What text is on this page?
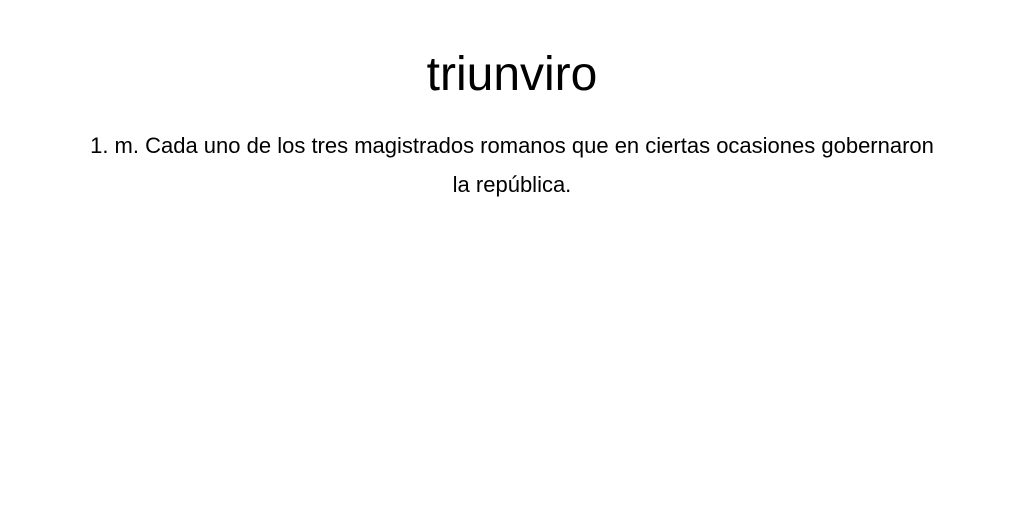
triunviro

1. m. Cada uno de los tres magistrados romanos que en ciertas ocasiones gobernaron la república.
